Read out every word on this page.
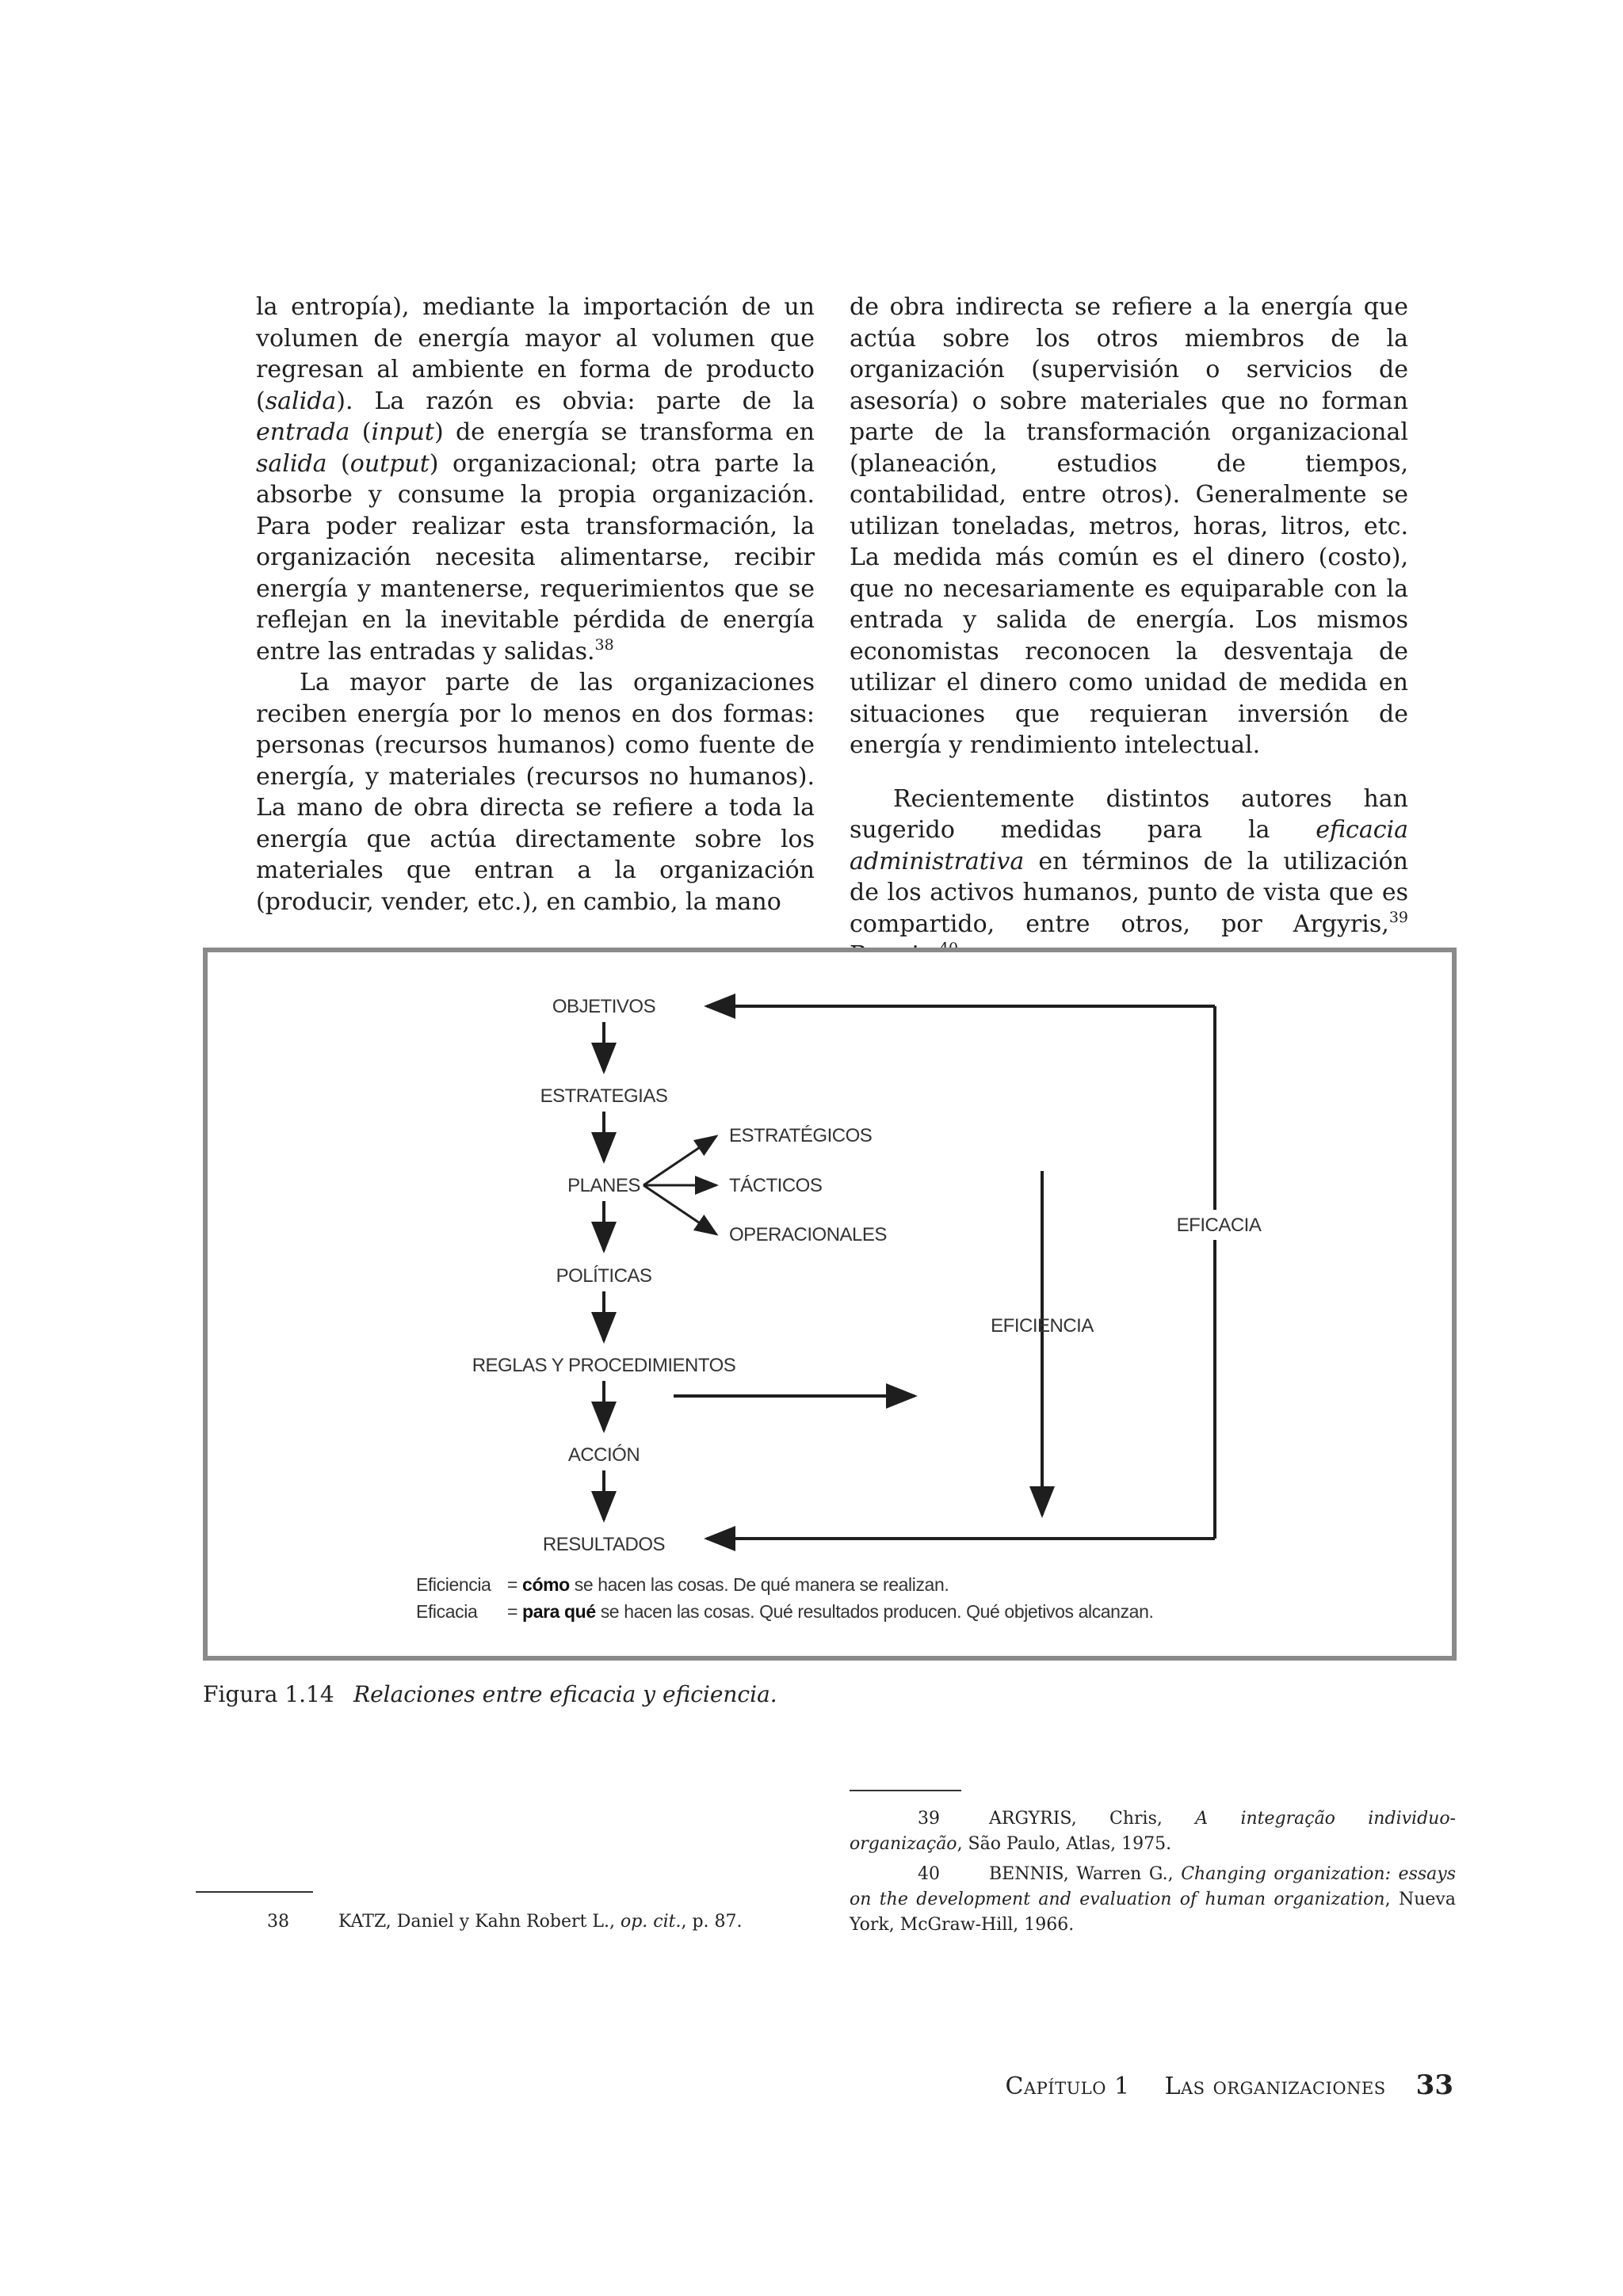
la entropía), mediante la importación de un volumen de energía mayor al volumen que regresan al ambiente en forma de producto (salida). La razón es obvia: parte de la entrada (input) de energía se transforma en salida (output) organizacional; otra parte la absorbe y consume la propia organización. Para poder realizar esta transformación, la organización necesita alimentarse, recibir energía y mantenerse, requerimientos que se reflejan en la inevitable pérdida de energía entre las entradas y salidas.$^{38}$

La mayor parte de las organizaciones reciben energía por lo menos en dos formas: personas (recursos humanos) como fuente de energía, y materiales (recursos no humanos). La mano de obra directa se refiere a toda la energía que actúa directamente sobre los materiales que entran a la organización (producir, vender, etc.), en cambio, la mano

de obra indirecta se refiere a la energía que actúa sobre los otros miembros de la organización (supervisión o servicios de asesoría) o sobre materiales que no forman parte de la transformación organizacional (planeación, estudios de tiempos, contabilidad, entre otros). Generalmente se utilizan toneladas, metros, horas, litros, etc. La medida más común es el dinero (costo), que no necesariamente es equiparable con la entrada y salida de energía. Los mismos economistas reconocen la desventaja de utilizar el dinero como unidad de medida en situaciones que requieran inversión de energía y rendimiento intelectual.

Recientemente distintos autores han sugerido medidas para la eficacia administrativa en términos de la utilización de los activos humanos, punto de vista que es compartido, entre otros, por Argyris,$^{39}$

OBJETIVOS
ESTRATEGIAS
PLANES
POLÍTICAS
REGLAS Y PROCEDIMIENTOS
ACCIÓN
RESULTADOS
ESTRATÉGICOS
TÁCTICOS
OPERACIONALES
EFICIENCIA
EFICACIA
Eficiencia = cómo se hacen las cosas. De qué manera se realizan.
Eficacia = para qué se hacen las cosas. Qué resultados producen. Qué objetivos alcanzan.
Figura 1.14 Relaciones entre eficacia y eficiencia.
39	ARGYRIS, Chris, A integração individuo-organização, São Paulo, Atlas, 1975.
40	BENNIS, Warren G., Changing organization: essays on the development and evaluation of human organization, Nueva York, McGraw-Hill, 1966.
38	KATZ, Daniel y Kahn Robert L., op. cit., p. 87.
Capítulo 1 Las organizaciones 33
